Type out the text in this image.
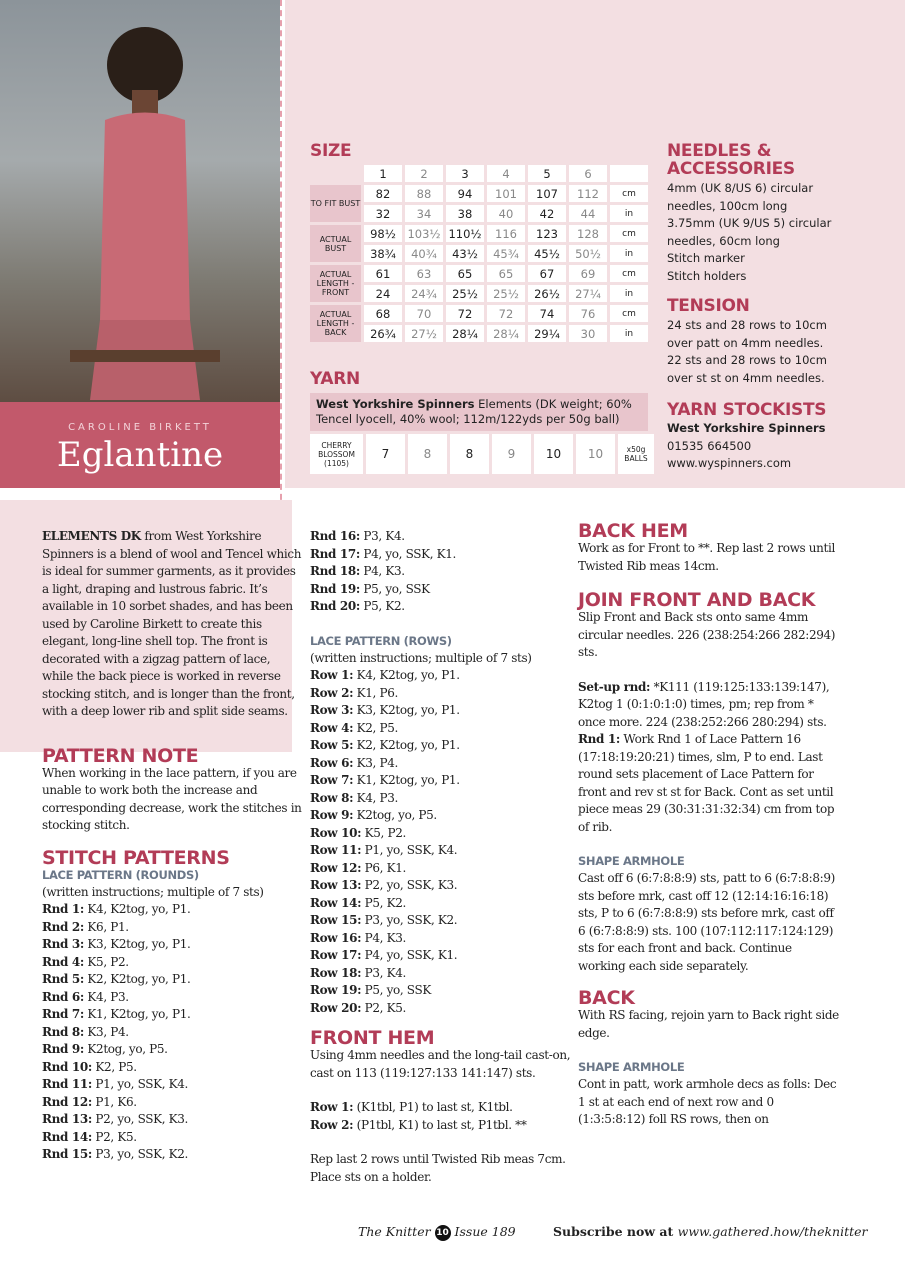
CAROLINE BIRKETT
Eglantine
SIZE
	1	2	3	4	5	6	
TO FIT BUST	82	88	94	101	107	112	cm
	32	34	38	40	42	44	in
ACTUAL BUST	98½	103½	110½	116	123	128	cm
	38¾	40¾	43½	45¾	45½	50½	in
ACTUAL LENGTH - FRONT	61	63	65	65	67	69	cm
	24	24¾	25½	25½	26½	27¼	in
ACTUAL LENGTH - BACK	68	70	72	72	74	76	cm
	26¾	27½	28¼	28¼	29¼	30	in
YARN
West Yorkshire Spinners Elements (DK weight; 60% Tencel lyocell, 40% wool; 112m/122yds per 50g ball)
CHERRY BLOSSOM (1105)
7	8	8	9	10	10	x50g BALLS
NEEDLES & ACCESSORIES
4mm (UK 8/US 6) circular needles, 100cm long
3.75mm (UK 9/US 5) circular needles, 60cm long
Stitch marker
Stitch holders
TENSION
24 sts and 28 rows to 10cm over patt on 4mm needles.
22 sts and 28 rows to 10cm over st st on 4mm needles.
YARN STOCKISTS
West Yorkshire Spinners
01535 664500
www.wyspinners.com

ELEMENTS DK from West Yorkshire Spinners is a blend of wool and Tencel which is ideal for summer garments, as it provides a light, draping and lustrous fabric. It’s available in 10 sorbet shades, and has been used by Caroline Birkett to create this elegant, long-line shell top. The front is decorated with a zigzag pattern of lace, while the back piece is worked in reverse stocking stitch, and is longer than the front, with a deep lower rib and split side seams.

PATTERN NOTE

When working in the lace pattern, if you are unable to work both the increase and corresponding decrease, work the stitches in stocking stitch.

STITCH PATTERNS
LACE PATTERN (ROUNDS)

(written instructions; multiple of 7 sts)

Rnd 1: K4, K2tog, yo, P1.

Rnd 2: K6, P1.

Rnd 3: K3, K2tog, yo, P1.

Rnd 4: K5, P2.

Rnd 5: K2, K2tog, yo, P1.

Rnd 6: K4, P3.

Rnd 7: K1, K2tog, yo, P1.

Rnd 8: K3, P4.

Rnd 9: K2tog, yo, P5.

Rnd 10: K2, P5.

Rnd 11: P1, yo, SSK, K4.

Rnd 12: P1, K6.

Rnd 13: P2, yo, SSK, K3.

Rnd 14: P2, K5.

Rnd 15: P3, yo, SSK, K2.

Rnd 16: P3, K4.

Rnd 17: P4, yo, SSK, K1.

Rnd 18: P4, K3.

Rnd 19: P5, yo, SSK

Rnd 20: P5, K2.

LACE PATTERN (ROWS)

(written instructions; multiple of 7 sts)

Row 1: K4, K2tog, yo, P1.

Row 2: K1, P6.

Row 3: K3, K2tog, yo, P1.

Row 4: K2, P5.

Row 5: K2, K2tog, yo, P1.

Row 6: K3, P4.

Row 7: K1, K2tog, yo, P1.

Row 8: K4, P3.

Row 9: K2tog, yo, P5.

Row 10: K5, P2.

Row 11: P1, yo, SSK, K4.

Row 12: P6, K1.

Row 13: P2, yo, SSK, K3.

Row 14: P5, K2.

Row 15: P3, yo, SSK, K2.

Row 16: P4, K3.

Row 17: P4, yo, SSK, K1.

Row 18: P3, K4.

Row 19: P5, yo, SSK

Row 20: P2, K5.

FRONT HEM

Using 4mm needles and the long-tail cast-on, cast on 113 (119:127:133 141:147) sts.

Row 1: (K1tbl, P1) to last st, K1tbl.

Row 2: (P1tbl, K1) to last st, P1tbl. **

Rep last 2 rows until Twisted Rib meas 7cm. Place sts on a holder.

BACK HEM

Work as for Front to **. Rep last 2 rows until Twisted Rib meas 14cm.

JOIN FRONT AND BACK

Slip Front and Back sts onto same 4mm circular needles. 226 (238:254:266 282:294) sts.

Set-up rnd: *K111 (119:125:133:139:147), K2tog 1 (0:1:0:1:0) times, pm; rep from * once more. 224 (238:252:266 280:294) sts.

Rnd 1: Work Rnd 1 of Lace Pattern 16 (17:18:19:20:21) times, slm, P to end. Last round sets placement of Lace Pattern for front and rev st st for Back. Cont as set until piece meas 29 (30:31:31:32:34) cm from top of rib.

SHAPE ARMHOLE

Cast off 6 (6:7:8:8:9) sts, patt to 6 (6:7:8:8:9) sts before mrk, cast off 12 (12:14:16:16:18) sts, P to 6 (6:7:8:8:9) sts before mrk, cast off 6 (6:7:8:8:9) sts. 100 (107:112:117:124:129) sts for each front and back. Continue working each side separately.

BACK

With RS facing, rejoin yarn to Back right side edge.

SHAPE ARMHOLE

Cont in patt, work armhole decs as folls: Dec 1 st at each end of next row and 0 (1:3:5:8:12) foll RS rows, then on

The Knitter 10 Issue 189	Subscribe now at www.gathered.how/theknitter
